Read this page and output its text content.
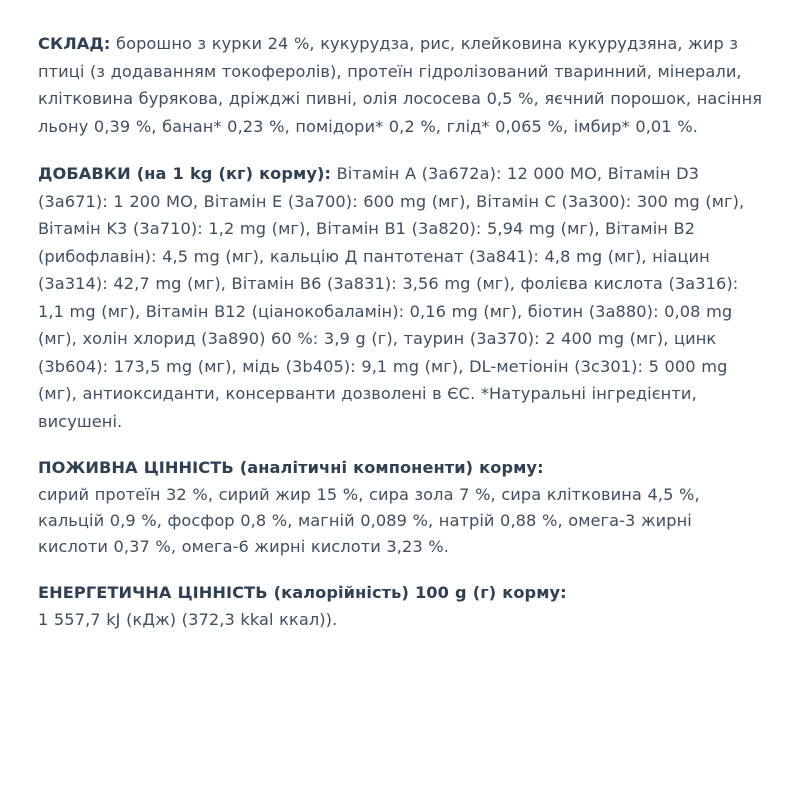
СКЛАД: борошно з курки 24 %, кукурудза, рис, клейковина кукурудзяна, жир з птиці (з додаванням токоферолів), протеїн гідролізований тваринний, мінерали, клітковина бурякова, дріжджі пивні, олія лососева 0,5 %, яєчний порошок, насіння льону 0,39 %, банан* 0,23 %, помідори* 0,2 %, глід* 0,065 %, імбир* 0,01 %.

ДОБАВКИ (на 1 kg (кг) корму): Вітамін A (3а672а): 12 000 МО, Вітамін D3 (3а671): 1 200 МО, Вітамін E (3а700): 600 mg (мг), Вітамін C (3а300): 300 mg (мг), Вітамін K3 (3а710): 1,2 mg (мг), Вітамін B1 (3а820): 5,94 mg (мг), Вітамін B2 (рибофлавін): 4,5 mg (мг), кальцію Д пантотенат (3а841): 4,8 mg (мг), ніацин (3а314): 42,7 mg (мг), Вітамін B6 (3а831): 3,56 mg (мг), фолієва кислота (3а316): 1,1 mg (мг), Вітамін B12 (ціанокобаламін): 0,16 mg (мг), біотин (3а880): 0,08 mg (мг), холін хлорид (3а890) 60 %: 3,9 g (г), таурин (3а370): 2 400 mg (мг), цинк (3b604): 173,5 mg (мг), мідь (3b405): 9,1 mg (мг), DL-метіонін (3c301): 5 000 mg (мг), антиоксиданти, консерванти дозволені в ЄС. *Натуральні інгредієнти, висушені.

ПОЖИВНА ЦІННІСТЬ (аналітичні компоненти) корму:
сирий протеїн 32 %, сирий жир 15 %, сира зола 7 %, сира клітковина 4,5 %, кальцій 0,9 %, фосфор 0,8 %, магній 0,089 %, натрій 0,88 %, омега-3 жирні кислоти 0,37 %, омега-6 жирні кислоти 3,23 %.

ЕНЕРГЕТИЧНА ЦІННІСТЬ (калорійність) 100 g (г) корму:
1 557,7 kJ (кДж) (372,3 kkal ккал)).
